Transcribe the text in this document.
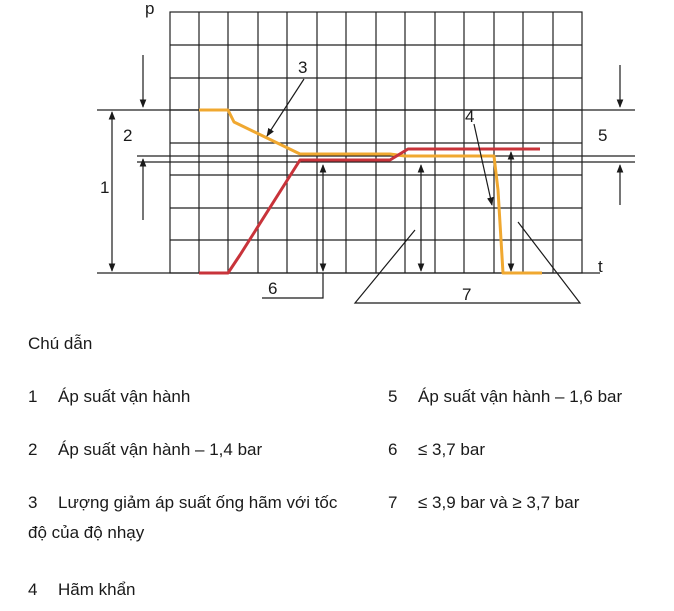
p
t
1
2
3
4
5
6	7
Chú dẫn
1 Áp suất vận hành
2 Áp suất vận hành – 1,4 bar
3 Lượng giảm áp suất ống hãm với tốc
độ của độ nhạy
4 Hãm khẩn
5 Áp suất vận hành – 1,6 bar
6 ≤ 3,7 bar
7 ≤ 3,9 bar và ≥ 3,7 bar
